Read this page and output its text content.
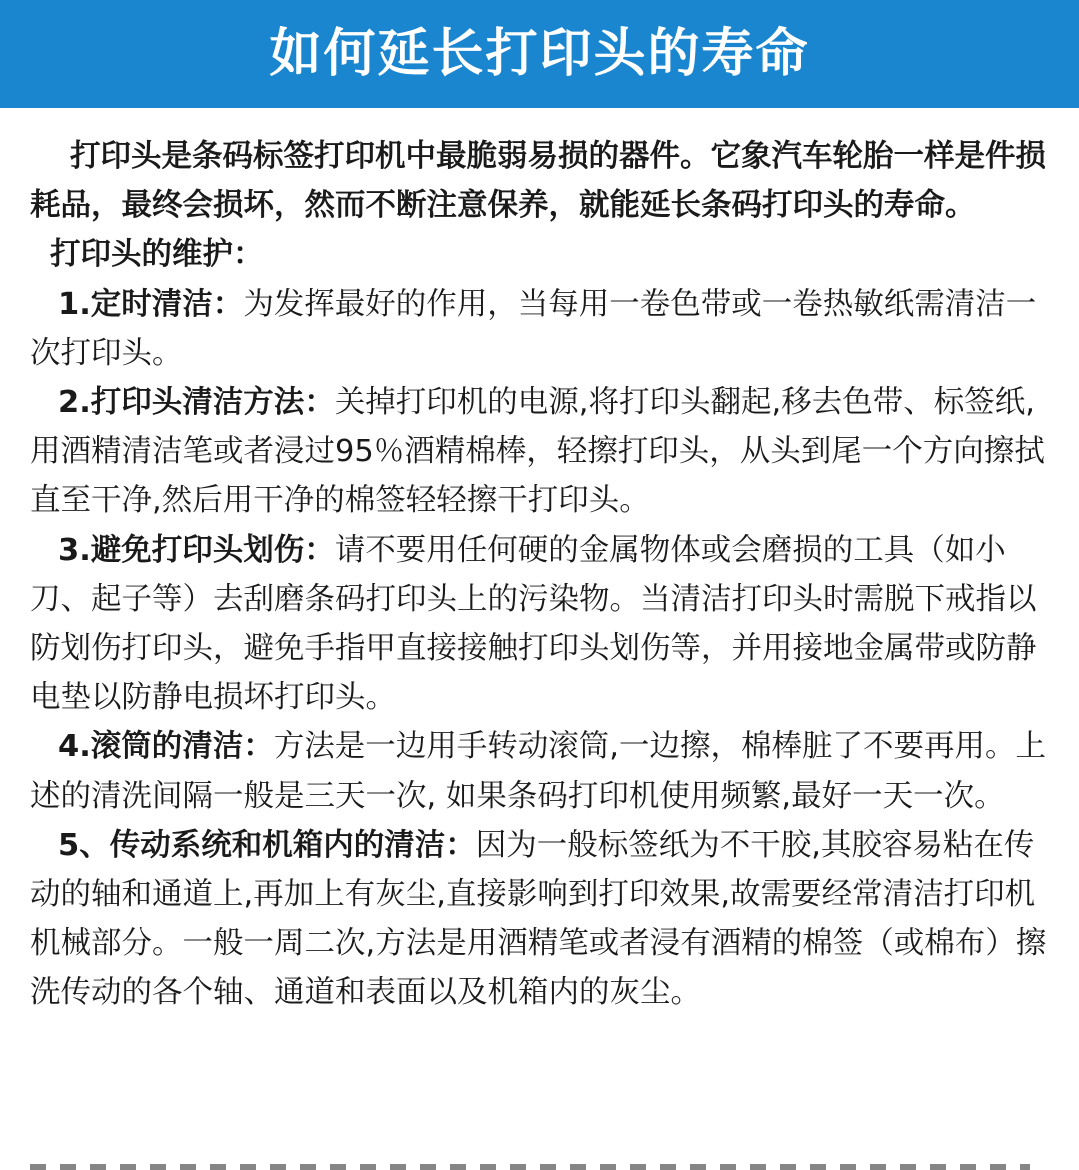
如何延长打印头的寿命

打印头是条码标签打印机中最脆弱易损的器件。它象汽车轮胎一样是件损耗品，最终会损坏，然而不断注意保养，就能延长条码打印头的寿命。

打印头的维护：

1.定时清洁：为发挥最好的作用，当每用一卷色带或一卷热敏纸需清洁一次打印头。

2.打印头清洁方法：关掉打印机的电源,将打印头翻起,移去色带、标签纸,用酒精清洁笔或者浸过95％酒精棉棒，轻擦打印头，从头到尾一个方向擦拭直至干净,然后用干净的棉签轻轻擦干打印头。

3.避免打印头划伤：请不要用任何硬的金属物体或会磨损的工具（如小刀、起子等）去刮磨条码打印头上的污染物。当清洁打印头时需脱下戒指以防划伤打印头，避免手指甲直接接触打印头划伤等，并用接地金属带或防静电垫以防静电损坏打印头。

4.滚筒的清洁：方法是一边用手转动滚筒,一边擦，棉棒脏了不要再用。上述的清洗间隔一般是三天一次, 如果条码打印机使用频繁,最好一天一次。

5、传动系统和机箱内的清洁：因为一般标签纸为不干胶,其胶容易粘在传动的轴和通道上,再加上有灰尘,直接影响到打印效果,故需要经常清洁打印机机械部分。一般一周二次,方法是用酒精笔或者浸有酒精的棉签（或棉布）擦洗传动的各个轴、通道和表面以及机箱内的灰尘。
